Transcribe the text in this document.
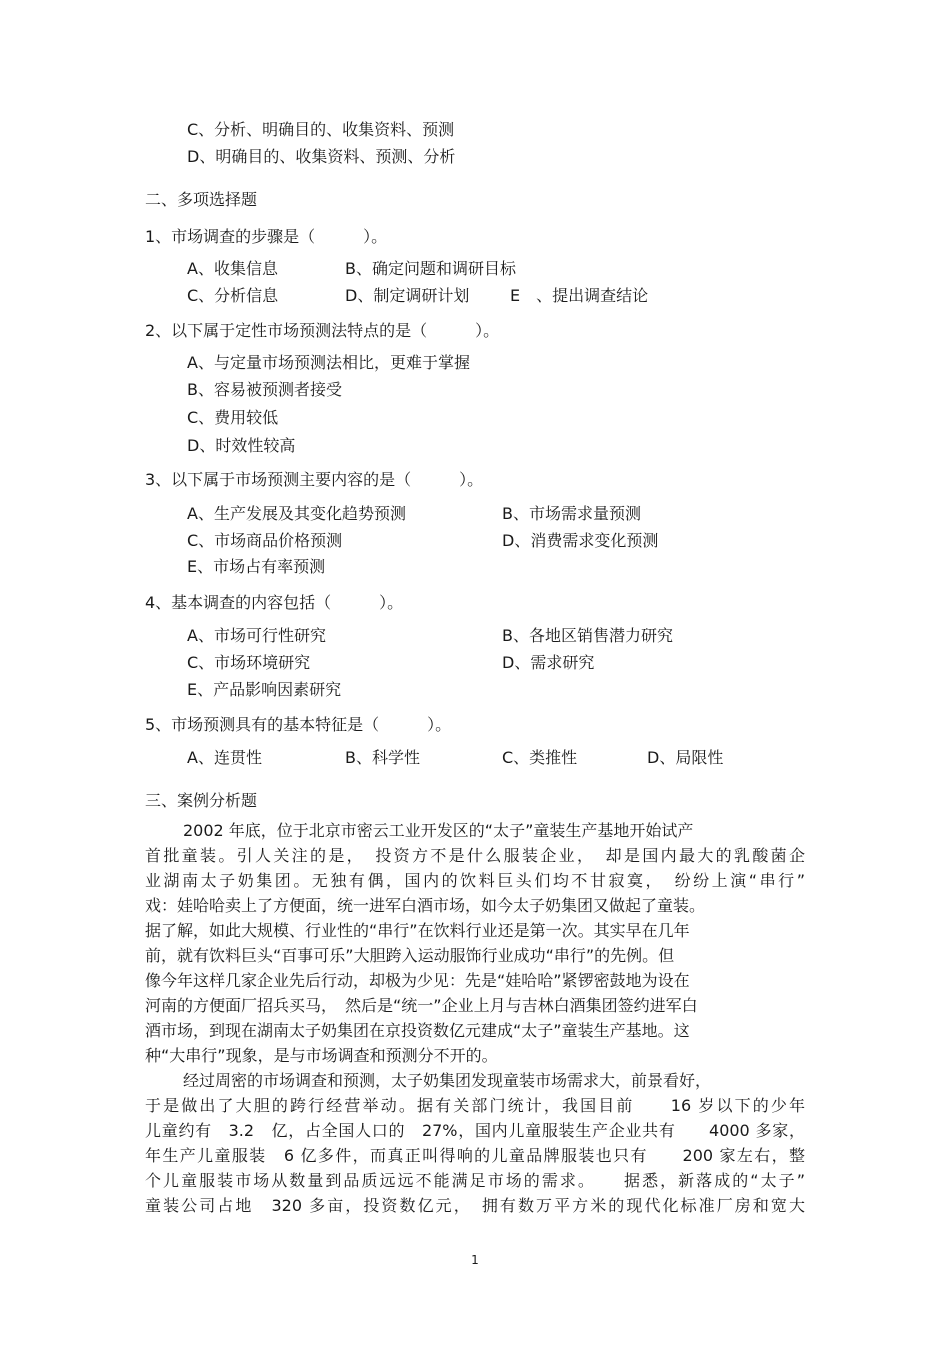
C、分析、明确目的、收集资料、预测
D、明确目的、收集资料、预测、分析
二、多项选择题
1、市场调查的步骤是（　　　）。
A、收集信息	B、确定问题和调研目标
C、分析信息	D、制定调研计划	E　、提出调查结论
2、以下属于定性市场预测法特点的是（　　　）。
A、与定量市场预测法相比，更难于掌握
B、容易被预测者接受
C、费用较低
D、时效性较高
3、以下属于市场预测主要内容的是（　　　）。
A、生产发展及其变化趋势预测	B、市场需求量预测
C、市场商品价格预测	D、消费需求变化预测
E、市场占有率预测
4、基本调查的内容包括（　　　）。
A、市场可行性研究	B、各地区销售潜力研究
C、市场环境研究	D、需求研究
E、产品影响因素研究
5、市场预测具有的基本特征是（　　　）。
A、连贯性	B、科学性	C、类推性	D、局限性
三、案例分析题
2002 年底，位于北京市密云工业开发区的“太子”童装生产基地开始试产
首批童装。引人关注的是，　投资方不是什么服装企业，　却是国内最大的乳酸菌企
业湖南太子奶集团。无独有偶，国内的饮料巨头们均不甘寂寞，　纷纷上演“串行”
戏：娃哈哈卖上了方便面，统一进军白酒市场，如今太子奶集团又做起了童装。
据了解，如此大规模、行业性的“串行”在饮料行业还是第一次。其实早在几年
前，就有饮料巨头“百事可乐”大胆跨入运动服饰行业成功“串行”的先例。但
像今年这样几家企业先后行动，却极为少见：先是“娃哈哈”紧锣密鼓地为设在
河南的方便面厂招兵买马，　然后是“统一”企业上月与吉林白酒集团签约进军白
酒市场，到现在湖南太子奶集团在京投资数亿元建成“太子”童装生产基地。这
种“大串行”现象，是与市场调查和预测分不开的。
经过周密的市场调查和预测，太子奶集团发现童装市场需求大，前景看好，
于是做出了大胆的跨行经营举动。据有关部门统计，我国目前　　16 岁以下的少年
儿童约有　3.2　亿，占全国人口的　27%，国内儿童服装生产企业共有　　4000 多家，
年生产儿童服装　6 亿多件，而真正叫得响的儿童品牌服装也只有　　200 家左右，整
个儿童服装市场从数量到品质远远不能满足市场的需求。　　据悉，新落成的“太子”
童装公司占地　320 多亩，投资数亿元，　拥有数万平方米的现代化标准厂房和宽大
1
